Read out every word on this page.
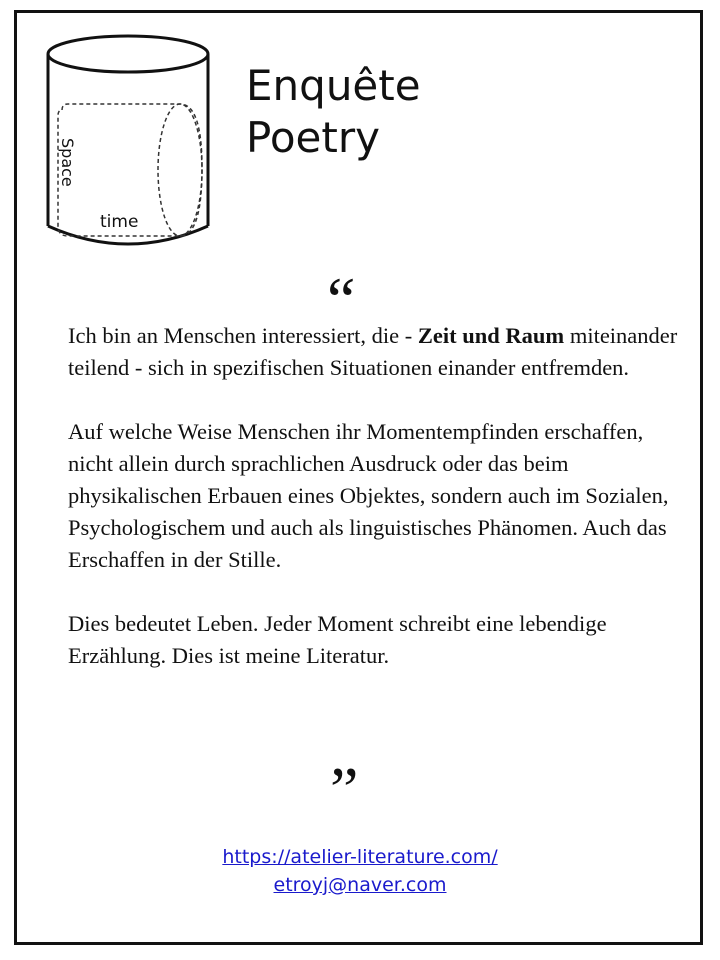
Space
time
Enquête
Poetry
“

Ich bin an Menschen interessiert, die - Zeit und Raum miteinander teilend - sich in spezifischen Situationen einander entfremden.

Auf welche Weise Menschen ihr Momentempfinden erschaffen, nicht allein durch sprachlichen Ausdruck oder das beim physikalischen Erbauen eines Objektes, sondern auch im Sozialen, Psychologischem und auch als linguistisches Phänomen. Auch das Erschaffen in der Stille.

Dies bedeutet Leben. Jeder Moment schreibt eine lebendige Erzählung. Dies ist meine Literatur.

”
https://atelier-literature.com/
etroyj@naver.com
